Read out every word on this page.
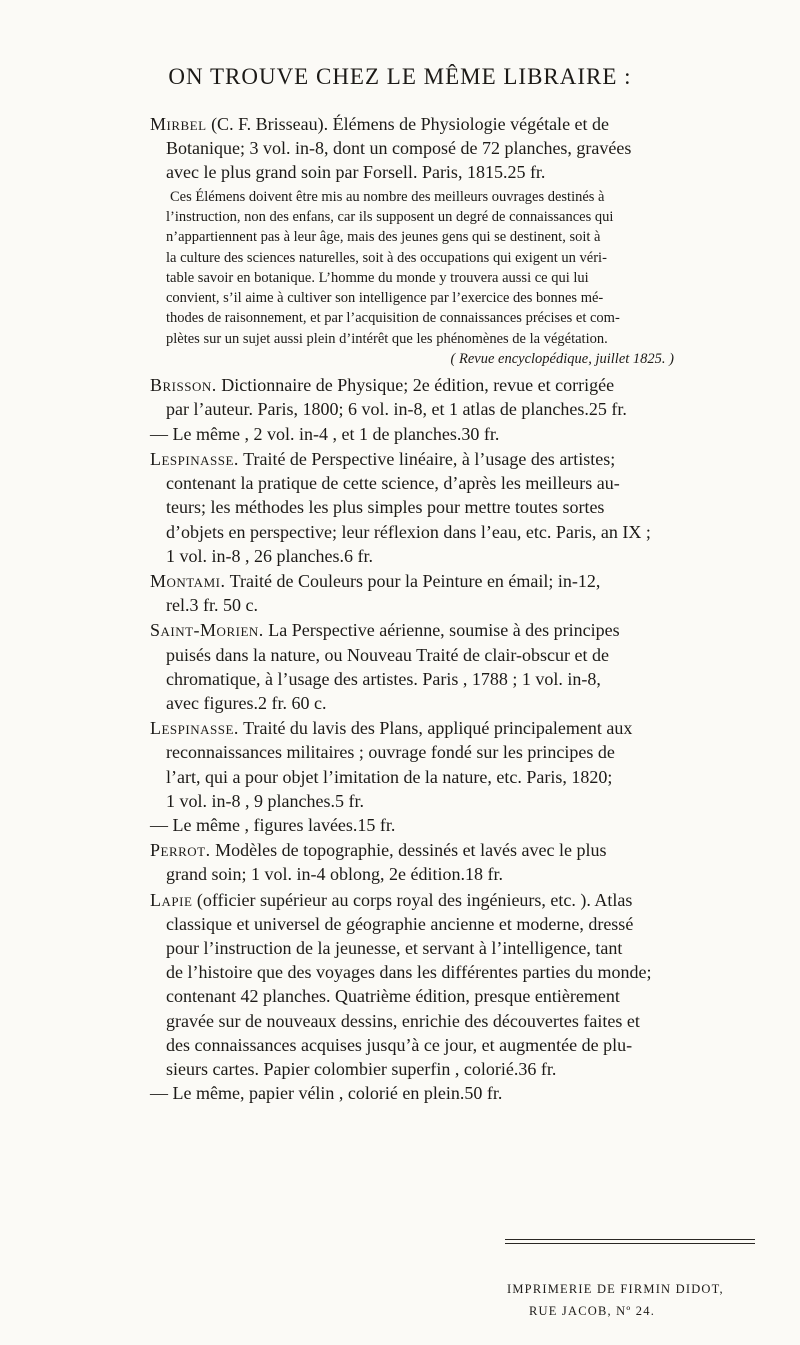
ON TROUVE CHEZ LE MÊME LIBRAIRE :
Mirbel (C. F. Brisseau). Élémens de Physiologie végétale et de
Botanique; 3 vol. in-8, dont un composé de 72 planches, gravées
avec le plus grand soin par Forsell. Paris, 1815.25 fr.
Ces Élémens doivent être mis au nombre des meilleurs ouvrages destinés à
l’instruction, non des enfans, car ils supposent un degré de connaissances qui
n’appartiennent pas à leur âge, mais des jeunes gens qui se destinent, soit à
la culture des sciences naturelles, soit à des occupations qui exigent un véri-
table savoir en botanique. L’homme du monde y trouvera aussi ce qui lui
convient, s’il aime à cultiver son intelligence par l’exercice des bonnes mé-
thodes de raisonnement, et par l’acquisition de connaissances précises et com-
plètes sur un sujet aussi plein d’intérêt que les phénomènes de la végétation.
( Revue encyclopédique, juillet 1825. )
Brisson. Dictionnaire de Physique; 2e édition, revue et corrigée
par l’auteur. Paris, 1800; 6 vol. in-8, et 1 atlas de planches.25 fr.
— Le même , 2 vol. in-4 , et 1 de planches.30 fr.
Lespinasse. Traité de Perspective linéaire, à l’usage des artistes;
contenant la pratique de cette science, d’après les meilleurs au-
teurs; les méthodes les plus simples pour mettre toutes sortes
d’objets en perspective; leur réflexion dans l’eau, etc. Paris, an IX ;
1 vol. in-8 , 26 planches.6 fr.
Montami. Traité de Couleurs pour la Peinture en émail; in-12,
rel.3 fr. 50 c.
Saint-Morien. La Perspective aérienne, soumise à des principes
puisés dans la nature, ou Nouveau Traité de clair-obscur et de
chromatique, à l’usage des artistes. Paris , 1788 ; 1 vol. in-8,
avec figures.2 fr. 60 c.
Lespinasse. Traité du lavis des Plans, appliqué principalement aux
reconnaissances militaires ; ouvrage fondé sur les principes de
l’art, qui a pour objet l’imitation de la nature, etc. Paris, 1820;
1 vol. in-8 , 9 planches.5 fr.
— Le même , figures lavées.15 fr.
Perrot. Modèles de topographie, dessinés et lavés avec le plus
grand soin; 1 vol. in-4 oblong, 2e édition.18 fr.
Lapie (officier supérieur au corps royal des ingénieurs, etc. ). Atlas
classique et universel de géographie ancienne et moderne, dressé
pour l’instruction de la jeunesse, et servant à l’intelligence, tant
de l’histoire que des voyages dans les différentes parties du monde;
contenant 42 planches. Quatrième édition, presque entièrement
gravée sur de nouveaux dessins, enrichie des découvertes faites et
des connaissances acquises jusqu’à ce jour, et augmentée de plu-
sieurs cartes. Papier colombier superfin , colorié.36 fr.
— Le même, papier vélin , colorié en plein.50 fr.
IMPRIMERIE DE FIRMIN DIDOT,
RUE JACOB, Nº 24.
